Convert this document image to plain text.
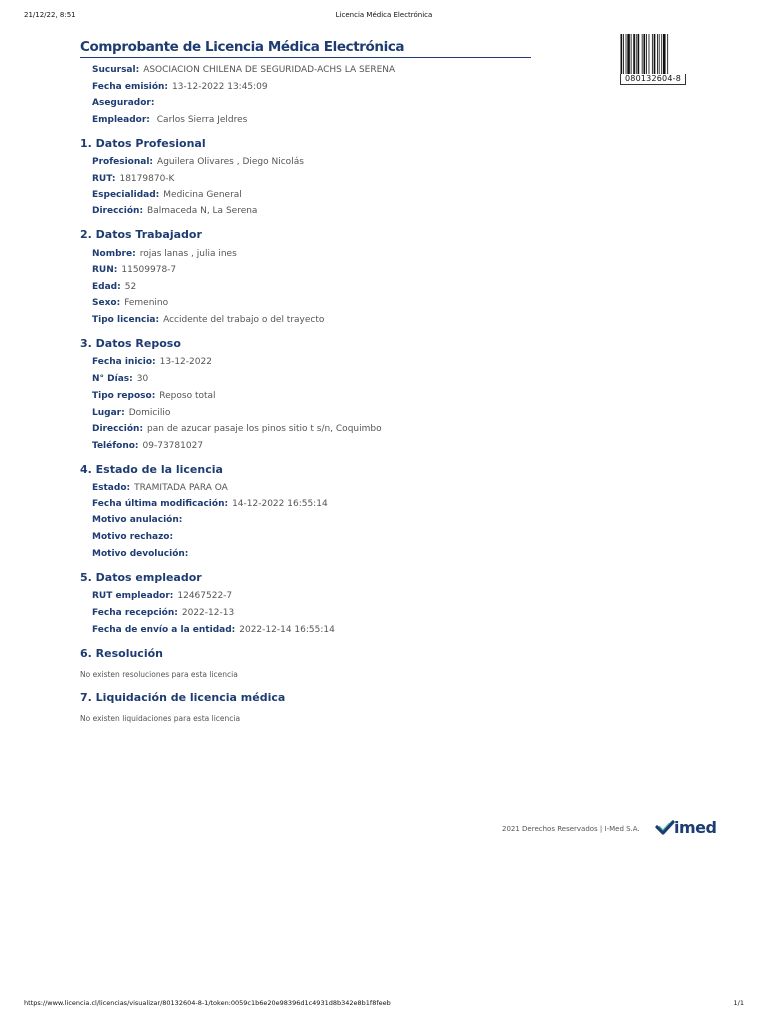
21/12/22, 8:51	Licencia Médica Electrónica
Comprobante de Licencia Médica Electrónica
080132604-8
Sucursal: ASOCIACION CHILENA DE SEGURIDAD-ACHS LA SERENA
Fecha emisión: 13-12-2022 13:45:09
Asegurador:
Empleador: Carlos Sierra Jeldres
1. Datos Profesional
Profesional: Aguilera Olivares , Diego Nicolás
RUT: 18179870-K
Especialidad: Medicina General
Dirección: Balmaceda N, La Serena
2. Datos Trabajador
Nombre: rojas lanas , julia ines
RUN: 11509978-7
Edad: 52
Sexo: Femenino
Tipo licencia: Accidente del trabajo o del trayecto
3. Datos Reposo
Fecha inicio: 13-12-2022
N° Días: 30
Tipo reposo: Reposo total
Lugar: Domicilio
Dirección: pan de azucar pasaje los pinos sitio t s/n, Coquimbo
Teléfono: 09-73781027
4. Estado de la licencia
Estado: TRAMITADA PARA OA
Fecha última modificación: 14-12-2022 16:55:14
Motivo anulación:
Motivo rechazo:
Motivo devolución:
5. Datos empleador
RUT empleador: 12467522-7
Fecha recepción: 2022-12-13
Fecha de envío a la entidad: 2022-12-14 16:55:14
6. Resolución
No existen resoluciones para esta licencia
7. Liquidación de licencia médica
No existen liquidaciones para esta licencia
2021 Derechos Reservados | I-Med S.A. imed
https://www.licencia.cl/licencias/visualizar/80132604-8-1/token:0059c1b6e20e98396d1c4931d8b342e8b1f8feeb	1/1
